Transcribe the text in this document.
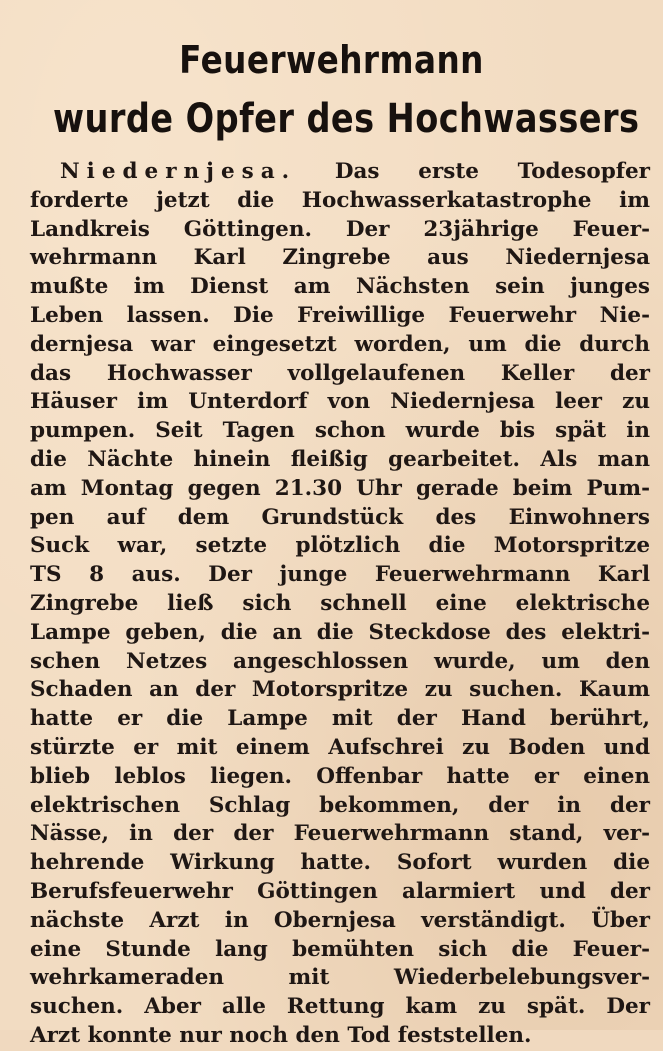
Feuerwehrmann
wurde Opfer des Hochwassers
Niedernjesa. Das erste Todesopfer
forderte jetzt die Hochwasserkatastrophe im
Landkreis Göttingen. Der 23jährige Feuer-
wehrmann Karl Zingrebe aus Niedernjesa
mußte im Dienst am Nächsten sein junges
Leben lassen. Die Freiwillige Feuerwehr Nie-
dernjesa war eingesetzt worden, um die durch
das Hochwasser vollgelaufenen Keller der
Häuser im Unterdorf von Niedernjesa leer zu
pumpen. Seit Tagen schon wurde bis spät in
die Nächte hinein fleißig gearbeitet. Als man
am Montag gegen 21.30 Uhr gerade beim Pum-
pen auf dem Grundstück des Einwohners
Suck war, setzte plötzlich die Motorspritze
TS 8 aus. Der junge Feuerwehrmann Karl
Zingrebe ließ sich schnell eine elektrische
Lampe geben, die an die Steckdose des elektri-
schen Netzes angeschlossen wurde, um den
Schaden an der Motorspritze zu suchen. Kaum
hatte er die Lampe mit der Hand berührt,
stürzte er mit einem Aufschrei zu Boden und
blieb leblos liegen. Offenbar hatte er einen
elektrischen Schlag bekommen, der in der
Nässe, in der der Feuerwehrmann stand, ver-
hehrende Wirkung hatte. Sofort wurden die
Berufsfeuerwehr Göttingen alarmiert und der
nächste Arzt in Obernjesa verständigt. Über
eine Stunde lang bemühten sich die Feuer-
wehrkameraden mit Wiederbelebungsver-
suchen. Aber alle Rettung kam zu spät. Der
Arzt konnte nur noch den Tod feststellen.
